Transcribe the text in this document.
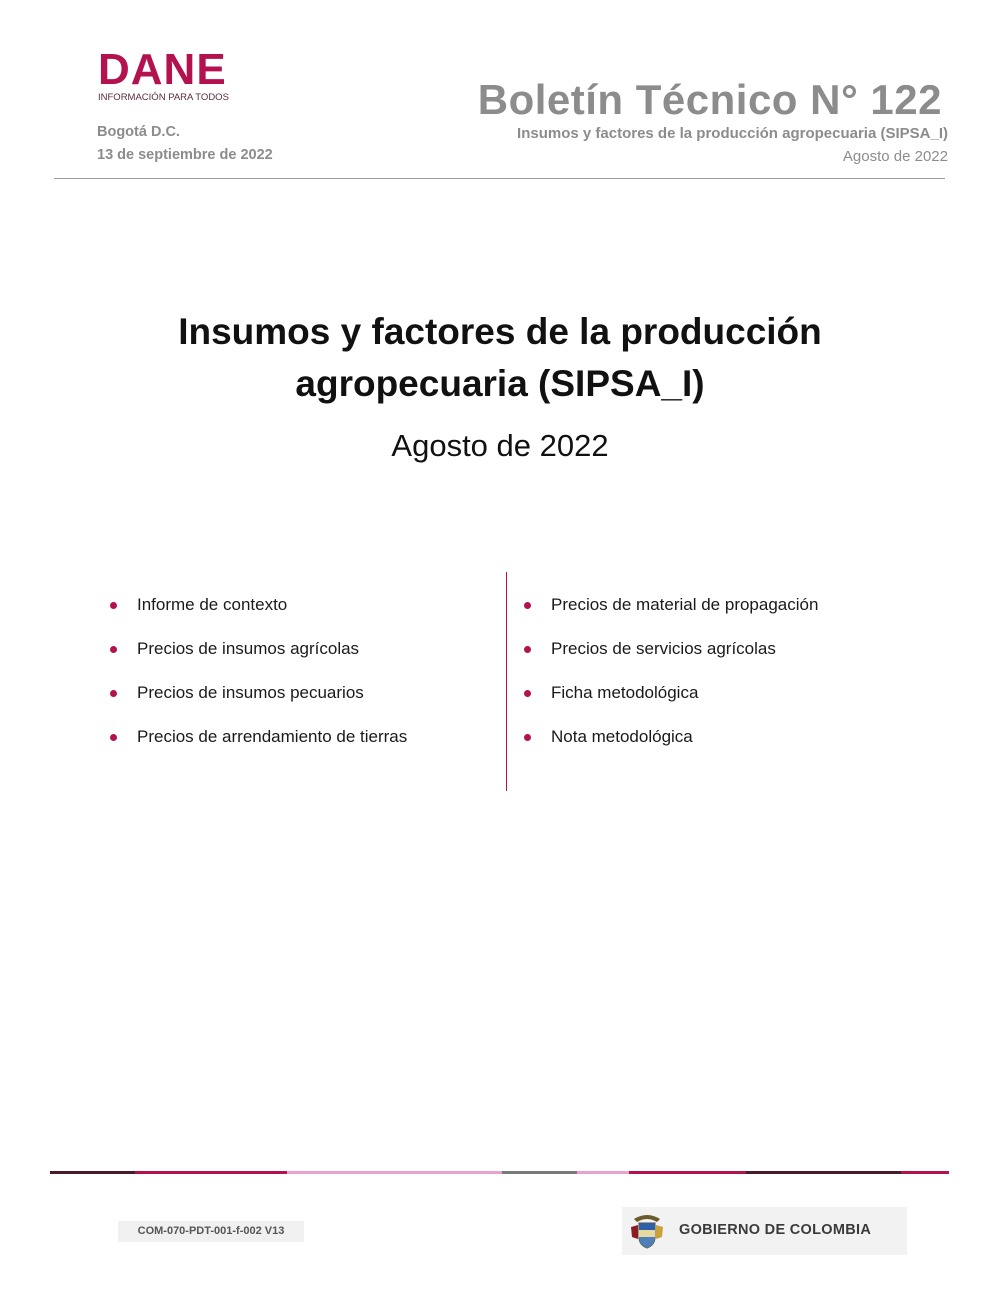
DANE
INFORMACIÓN PARA TODOS
Bogotá D.C.
13 de septiembre de 2022
Boletín Técnico N° 122
Insumos y factores de la producción agropecuaria (SIPSA_I)
Agosto de 2022
Insumos y factores de la producción
agropecuaria (SIPSA_I)
Agosto de 2022
Informe de contexto
Precios de insumos agrícolas
Precios de insumos pecuarios
Precios de arrendamiento de tierras
Precios de material de propagación
Precios de servicios agrícolas
Ficha metodológica
Nota metodológica
COM-070-PDT-001-f-002 V13	GOBIERNO DE COLOMBIA
